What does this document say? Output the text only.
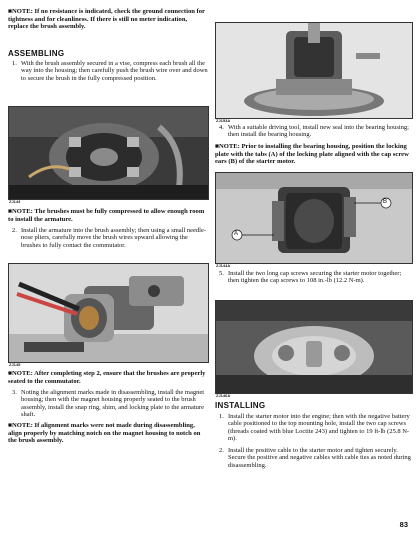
■NOTE: If no resistance is indicated, check the ground connection for tightness and for cleanliness. If there is still no meter indication, replace the brush assembly.

ASSEMBLING

1. With the brush assembly secured in a vise, compress each brush all the way into the housing; then carefully push the brush wire over and down to secure the brush in the fully compressed position.
ZJ143

■NOTE: The brushes must be fully compressed to allow enough room to install the armature.

2. Install the armature into the brush assembly; then using a small needle-nose pliers, carefully move the brush wires upward allowing the brushes to fully contact the commutator.
ZJ145

■NOTE: After completing step 2, ensure that the brushes are properly seated to the commutator.

3. Noting the alignment marks made in disassembling, install the magnet housing; then with the magnet housing properly seated to the brush assembly, install the snap ring, shim, and locking plate to the armature shaft.

■NOTE: If alignment marks were not made during disassembling, align properly by matching notch on the magnet housing to notch on the brush assembly.

ZJ153A
4. With a suitable driving tool, install new seal into the bearing housing; then install the bearing housing.

■NOTE: Prior to installing the bearing housing, position the locking plate with the tabs (A) of the locking plate aligned with the cap screw ears (B) of the starter motor.

B
A
ZJ144A
5. Install the two long cap screws securing the starter motor together; then tighten the cap screws to 108 in.-lb (12.2 N-m).
ZJ146A

INSTALLING

1. Install the starter motor into the engine; then with the negative battery cable positioned to the top mounting hole, install the two cap screws (threads coated with blue Loctite 243) and tighten to 19 ft-lb (25.8 N-m).
2. Install the positive cable to the starter motor and tighten securely. Secure the positive and negative cables with cable ties as noted during disassembling.
83
